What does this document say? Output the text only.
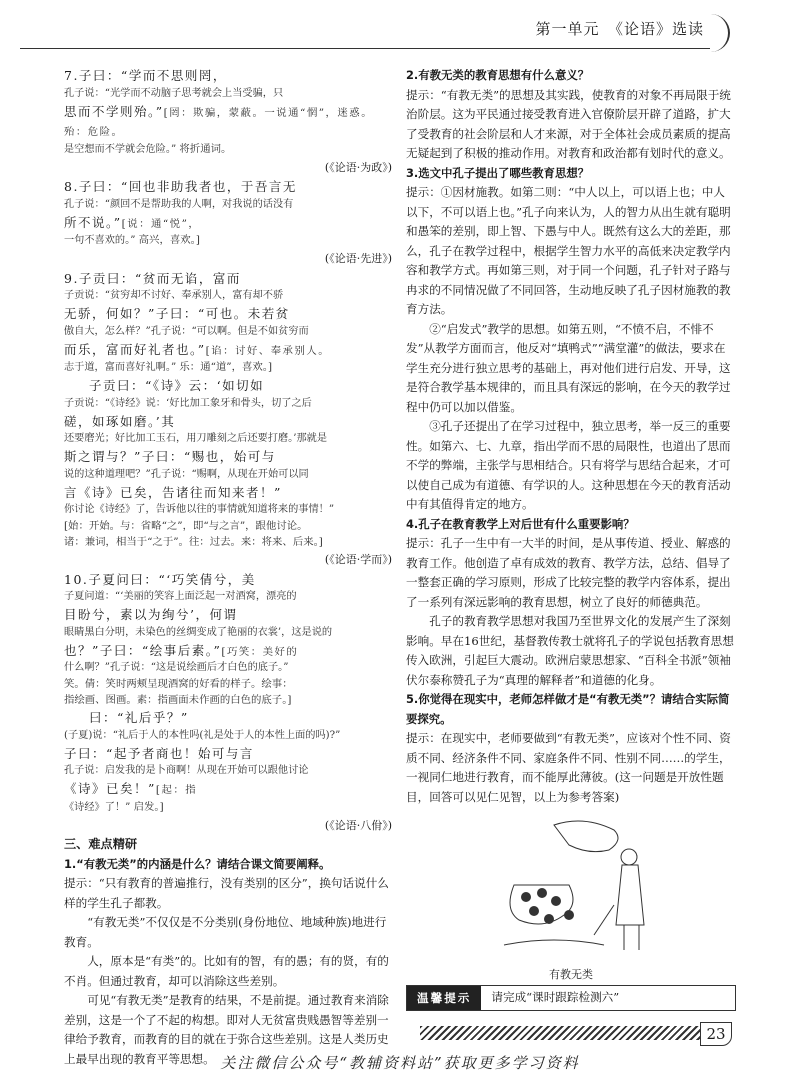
第一单元　《论语》选读

7.子曰：“学而不思则罔，

孔子说：“光学而不动脑子思考就会上当受骗，只

思而不学则殆。”[罔：欺骗，蒙蔽。一说通“惘”，迷惑。殆：危险。

是空想而不学就会危险。” 将折通词。

(《论语·为政》)

8.子曰：“回也非助我者也，于吾言无

孔子说：“颜回不是帮助我的人啊，对我说的话没有

所不说。”[说：通“悦”，

一句不喜欢的。” 高兴，喜欢。]

(《论语·先进》)

9.子贡曰：“贫而无谄，富而

子贡说：“贫穷却不讨好、奉承别人，富有却不骄

无骄，何如？”子曰：“可也。未若贫

傲自大，怎么样？”孔子说：“可以啊。但是不如贫穷而

而乐，富而好礼者也。”[谄：讨好、奉承别人。

志于道，富而喜好礼啊。” 乐：通“道”，喜欢。]

子贡曰：“《诗》云：‘如切如

子贡说：“《诗经》说：‘好比加工象牙和骨头，切了之后

磋，如琢如磨。’其

还要磨光；好比加工玉石，用刀雕刻之后还要打磨。’那就是

斯之谓与？”子曰：“赐也，始可与

说的这种道理吧？”孔子说：“赐啊，从现在开始可以同

言《诗》已矣，告诸往而知来者！”

你讨论《诗经》了，告诉他以往的事情就知道将来的事情！”

[始：开始。与：省略“之”，即“与之言”，跟他讨论。

诸：兼词，相当于“之于”。往：过去。来：将来、后来。]

(《论语·学而》)

10.子夏问曰：“‘巧笑倩兮，美

子夏问道：“‘美丽的笑容上面泛起一对酒窝，漂亮的

目盼兮，素以为绚兮’，何谓

眼睛黑白分明，未染色的丝绸变成了艳丽的衣裳’，这是说的

也？”子曰：“绘事后素。”[巧笑：美好的

什么啊？”孔子说：“这是说绘画后才白色的底子。”

笑。倩：笑时两颊呈现酒窝的好看的样子。绘事：

指绘画、图画。素：指画面未作画的白色的底子。]

曰：“礼后乎？”

(子夏)说：“礼后于人的本性吗(礼是处于人的本性上面的吗)?”

子曰：“起予者商也！始可与言

孔子说：启发我的是卜商啊！从现在开始可以跟他讨论

《诗》已矣！”[起：指

《诗经》了！” 启发。]

(《论语·八佾》)

三、难点精研

1.“有教无类”的内涵是什么？请结合课文简要阐释。

提示：“只有教育的普遍推行，没有类别的区分”，换句话说什么样的学生孔子都教。

“有教无类”不仅仅是不分类别(身份地位、地域种族)地进行教育。

人，原本是“有类”的。比如有的智，有的愚；有的贤，有的不肖。但通过教育，却可以消除这些差别。

可见“有教无类”是教育的结果，不是前提。通过教育来消除差别，这是一个了不起的构想。即对人无贫富贵贱愚智等差别一律给予教育，而教育的目的就在于弥合这些差别。这是人类历史上最早出现的教育平等思想。

2.有教无类的教育思想有什么意义？

提示：“有教无类”的思想及其实践，使教育的对象不再局限于统治阶层。这为平民通过接受教育进入官僚阶层开辟了道路，扩大了受教育的社会阶层和人才来源，对于全体社会成员素质的提高无疑起到了积极的推动作用。对教育和政治都有划时代的意义。

3.选文中孔子提出了哪些教育思想？

提示：①因材施教。如第二则：“中人以上，可以语上也；中人以下，不可以语上也。”孔子向来认为，人的智力从出生就有聪明和愚笨的差别，即上智、下愚与中人。既然有这么大的差距，那么，孔子在教学过程中，根据学生智力水平的高低来决定教学内容和教学方式。再如第三则，对于同一个问题，孔子针对子路与冉求的不同情况做了不同回答，生动地反映了孔子因材施教的教育方法。

②“启发式”教学的思想。如第五则，“不愤不启，不悱不发”从教学方面而言，他反对“填鸭式”“满堂灌”的做法，要求在学生充分进行独立思考的基础上，再对他们进行启发、开导，这是符合教学基本规律的，而且具有深远的影响，在今天的教学过程中仍可以加以借鉴。

③孔子还提出了在学习过程中，独立思考，举一反三的重要性。如第六、七、九章，指出学而不思的局限性，也道出了思而不学的弊端，主张学与思相结合。只有将学与思结合起来，才可以使自己成为有道德、有学识的人。这种思想在今天的教育活动中有其值得肯定的地方。

4.孔子在教育教学上对后世有什么重要影响？

提示：孔子一生中有一大半的时间，是从事传道、授业、解惑的教育工作。他创造了卓有成效的教育、教学方法，总结、倡导了一整套正确的学习原则，形成了比较完整的教学内容体系，提出了一系列有深远影响的教育思想，树立了良好的师德典范。

孔子的教育教学思想对我国乃至世界文化的发展产生了深刻影响。早在16世纪，基督教传教士就将孔子的学说包括教育思想传入欧洲，引起巨大震动。欧洲启蒙思想家、“百科全书派”领袖伏尔泰称赞孔子为“真理的解释者”和道德的化身。

5.你觉得在现实中，老师怎样做才是“有教无类”？请结合实际简要探究。

提示：在现实中，老师要做到“有教无类”，应该对个性不同、资质不同、经济条件不同、家庭条件不同、性别不同……的学生，一视同仁地进行教育，而不能厚此薄彼。(这一问题是开放性题目，回答可以见仁见智，以上为参考答案)

有教无类

温馨提示	请完成“课时跟踪检测六”
23
关注微信公众号“教辅资料站”获取更多学习资料
